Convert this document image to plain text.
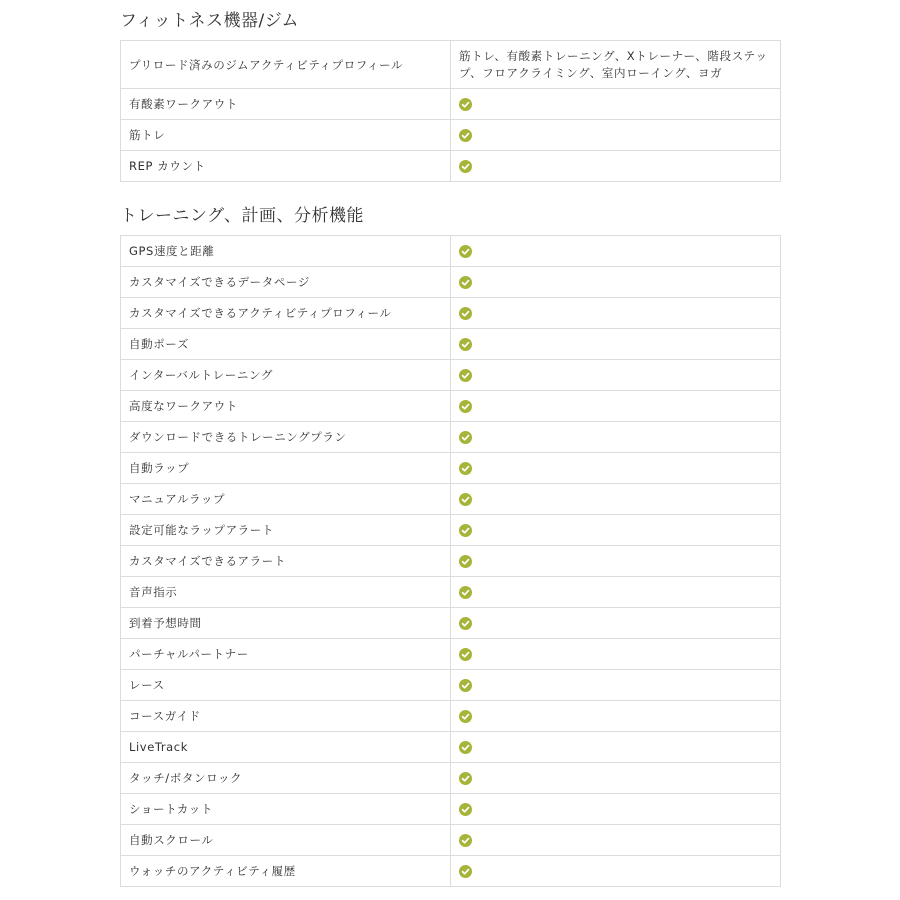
フィットネス機器/ジム
プリロード済みのジムアクティビティプロフィール	筋トレ、有酸素トレーニング、Xトレーナー、階段ステップ、フロアクライミング、室内ローイング、ヨガ

有酸素ワークアウト	

筋トレ	

REP カウント	
トレーニング、計画、分析機能
GPS速度と距離	

カスタマイズできるデータページ	

カスタマイズできるアクティビティプロフィール	

自動ポーズ	

インターバルトレーニング	

高度なワークアウト	

ダウンロードできるトレーニングプラン	

自動ラップ	

マニュアルラップ	

設定可能なラップアラート	

カスタマイズできるアラート	

音声指示	

到着予想時間	

パーチャルパートナー	

レース	

コースガイド	

LiveTrack	

タッチ/ボタンロック	

ショートカット	

自動スクロール	

ウォッチのアクティビティ履歴	
